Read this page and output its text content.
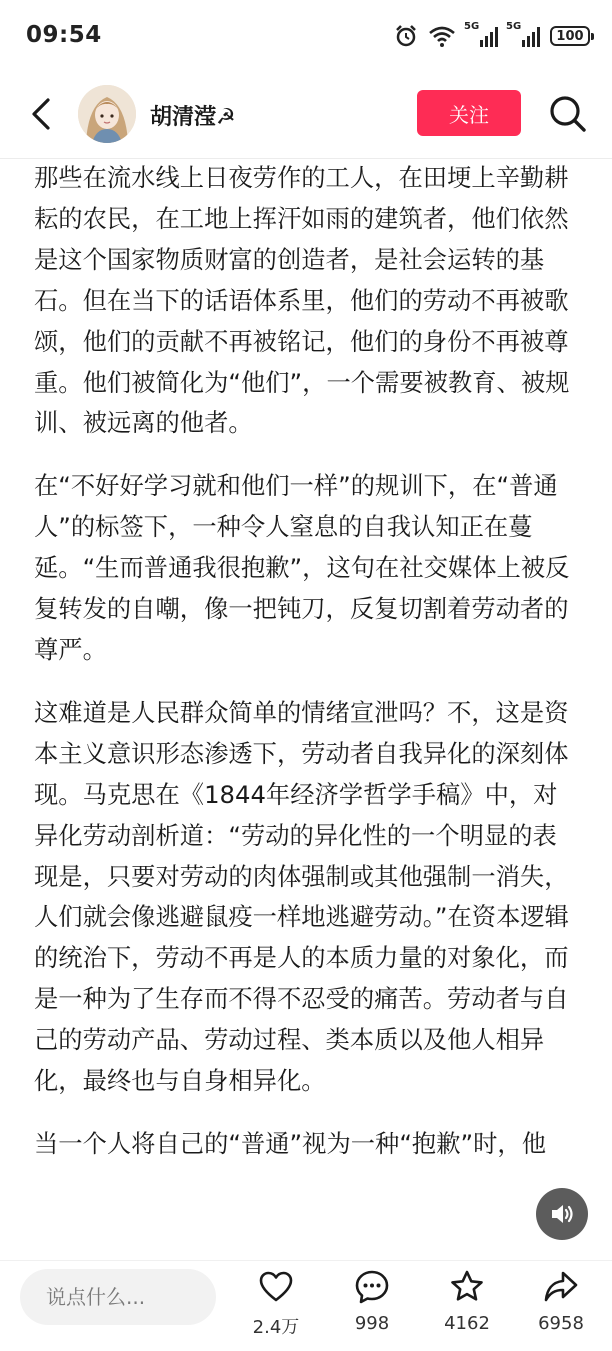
09:54	5G	5G
100
胡清滢☭	关注

那些在流水线上日夜劳作的工人，在田埂上辛勤耕耘的农民，在工地上挥汗如雨的建筑者，他们依然是这个国家物质财富的创造者，是社会运转的基石。但在当下的话语体系里，他们的劳动不再被歌颂，他们的贡献不再被铭记，他们的身份不再被尊重。他们被简化为“他们”，一个需要被教育、被规训、被远离的他者。

在“不好好学习就和他们一样”的规训下，在“普通人”的标签下，一种令人窒息的自我认知正在蔓延。“生而普通我很抱歉”，这句在社交媒体上被反复转发的自嘲，像一把钝刀，反复切割着劳动者的尊严。

这难道是人民群众简单的情绪宣泄吗？不，这是资本主义意识形态渗透下，劳动者自我异化的深刻体现。马克思在《1844年经济学哲学手稿》中，对异化劳动剖析道：“劳动的异化性的一个明显的表现是，只要对劳动的肉体强制或其他强制一消失，人们就会像逃避鼠疫一样地逃避劳动。”在资本逻辑的统治下，劳动不再是人的本质力量的对象化，而是一种为了生存而不得不忍受的痛苦。劳动者与自己的劳动产品、劳动过程、类本质以及他人相异化，最终也与自身相异化。

当一个人将自己的“普通”视为一种“抱歉”时，他

说点什么...
2.4万	998	4162	6958
